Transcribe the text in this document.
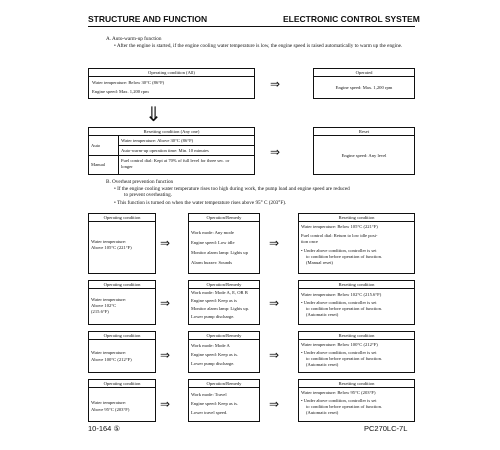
STRUCTURE AND FUNCTION	ELECTRONIC CONTROL SYSTEM
A. Auto-warm-up function
• After the engine is started, if the engine cooling water temperature is low, the engine speed is raised automatically to warm up the engine.
Operating condition (All)
Water temperature: Below 30°C (86°F)
Engine speed: Max. 1,200 rpm
⇒
Operated
Engine speed: Max. 1,200 rpm
⇓
Resetting condition (Any one)
Auto
Water temperature: Above 30°C (86°F)
Auto-warm-up operation time: Min. 10 minutes
Manual
Fuel control dial: Kept at 70% of full level for three sec. or
longer
⇒
Reset
Engine speed: Any level
B. Overheat prevention function
• If the engine cooling water temperature rises too high during work, the pump load and engine speed are reduced
to prevent overheating.
• This function is turned on when the water temperature rises above 95° C (203°F).
Operating condition
Water temperature:
Above 105°C (221°F) ⇒
Operation/Remedy
Work mode: Any mode
Engine speed: Low idle
Monitor alarm lamp: Lights up
Alarm buzzer: Sounds
⇒
Resetting condition
Water temperature: Below 105°C (221°F)
Fuel control dial: Return to low idle posi-
tion once
• Under above condition, controller is set
to condition before operation of function.
(Manual reset)
Operating condition
Water temperature:
Above 102°C
(215.6°F)
⇒
Operation/Remedy
Work mode: Mode A, E, OR B
Engine speed: Keep as is
Monitor alarm lamp: Lights up.
Lower pump discharge.
⇒
Resetting condition
Water temperature: Below 102°C (215.6°F)
• Under above condition, controller is set
to condition before operation of function.
(Automatic reset)
Operating condition
Water temperature:
Above 100°C (212°F) ⇒
Operation/Remedy
Work mode: Mode A
Engine speed: Keep as is.
Lower pump discharge.
⇒
Resetting condition
Water temperature: Below 100°C (212°F)
• Under above condition, controller is set
to condition before operation of function.
(Automatic reset)
Operating condition
Water temperature:
Above 95°C (203°F)	⇒
Operation/Remedy
Work mode: Travel
Engine speed: Keep as is.
Lower travel speed.
⇒
Resetting condition
Water temperature: Below 95°C (203°F)
• Under above condition, controller is set
to condition before operation of function.
(Automatic reset)
10-164 ⑤	PC270LC-7L
